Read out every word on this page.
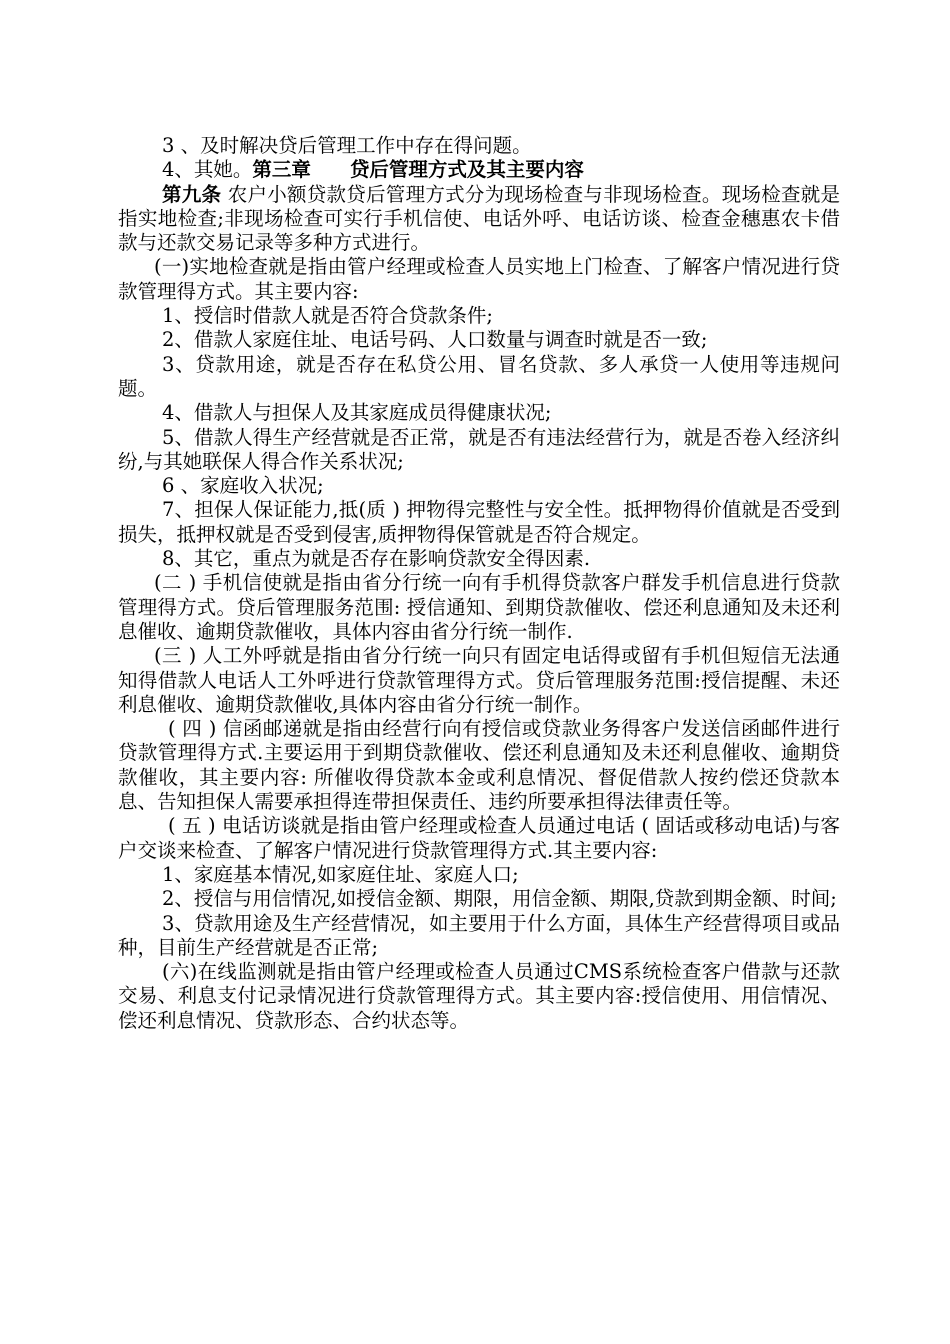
3 、及时解决贷后管理工作中存在得问题。

4、其她。第三章　　贷后管理方式及其主要内容

第九条 农户小额贷款贷后管理方式分为现场检查与非现场检查。现场检查就是指实地检查;非现场检查可实行手机信使、电话外呼、电话访谈、检查金穗惠农卡借款与还款交易记录等多种方式进行。

(一)实地检查就是指由管户经理或检查人员实地上门检查、了解客户情况进行贷款管理得方式。其主要内容:

1、授信时借款人就是否符合贷款条件;

2、借款人家庭住址、电话号码、人口数量与调查时就是否一致;

3、贷款用途，就是否存在私贷公用、冒名贷款、多人承贷一人使用等违规问题。

4、借款人与担保人及其家庭成员得健康状况;

5、借款人得生产经营就是否正常，就是否有违法经营行为，就是否卷入经济纠纷,与其她联保人得合作关系状况;

6 、家庭收入状况;

7、担保人保证能力,抵(质 ) 押物得完整性与安全性。抵押物得价值就是否受到损失，抵押权就是否受到侵害,质押物得保管就是否符合规定。

8、其它，重点为就是否存在影响贷款安全得因素.

(二 ) 手机信使就是指由省分行统一向有手机得贷款客户群发手机信息进行贷款管理得方式。贷后管理服务范围: 授信通知、到期贷款催收、偿还利息通知及未还利息催收、逾期贷款催收，具体内容由省分行统一制作.

(三 ) 人工外呼就是指由省分行统一向只有固定电话得或留有手机但短信无法通知得借款人电话人工外呼进行贷款管理得方式。贷后管理服务范围:授信提醒、未还利息催收、逾期贷款催收,具体内容由省分行统一制作。

( 四 ) 信函邮递就是指由经营行向有授信或贷款业务得客户发送信函邮件进行贷款管理得方式.主要运用于到期贷款催收、偿还利息通知及未还利息催收、逾期贷款催收，其主要内容: 所催收得贷款本金或利息情况、督促借款人按约偿还贷款本息、告知担保人需要承担得连带担保责任、违约所要承担得法律责任等。

( 五 ) 电话访谈就是指由管户经理或检查人员通过电话 ( 固话或移动电话)与客户交谈来检查、了解客户情况进行贷款管理得方式.其主要内容:

1、家庭基本情况,如家庭住址、家庭人口;

2、授信与用信情况,如授信金额、期限，用信金额、期限,贷款到期金额、时间;

3、贷款用途及生产经营情况，如主要用于什么方面，具体生产经营得项目或品种，目前生产经营就是否正常;

(六)在线监测就是指由管户经理或检查人员通过CMS系统检查客户借款与还款交易、利息支付记录情况进行贷款管理得方式。其主要内容:授信使用、用信情况、偿还利息情况、贷款形态、合约状态等。
